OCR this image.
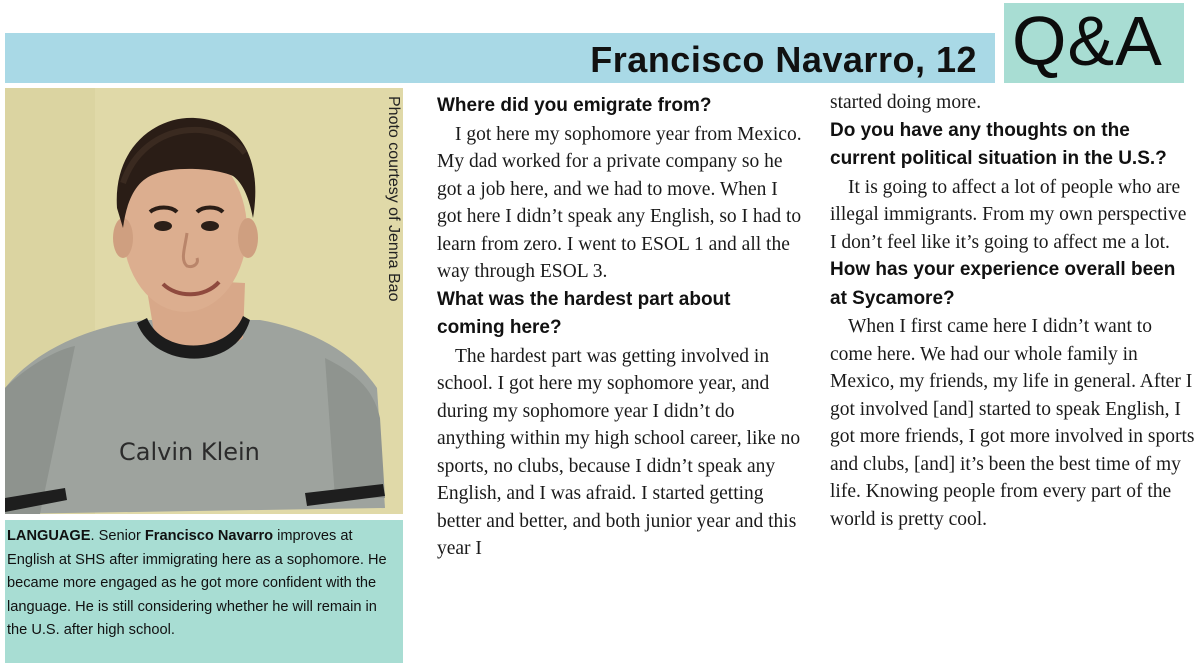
Francisco Navarro, 12 Q&A
Calvin Klein
Photo courtesy of Jenna Bao

LANGUAGE. Senior Francisco Navarro improves at English at SHS after immigrating here as a sophomore. He became more engaged as he got more confident with the language. He is still considering whether he will remain in the U.S. after high school.

Where did you emigrate from?

I got here my sophomore year from Mexico. My dad worked for a private company so he got a job here, and we had to move. When I got here I didn’t speak any English, so I had to learn from zero. I went to ESOL 1 and all the way through ESOL 3.

What was the hardest part about coming here?

The hardest part was getting involved in school. I got here my sophomore year, and during my sophomore year I didn’t do anything within my high school career, like no sports, no clubs, because I didn’t speak any English, and I was afraid. I started getting better and better, and both junior year and this year I

started doing more.

Do you have any thoughts on the current political situation in the U.S.?

It is going to affect a lot of people who are illegal immigrants. From my own perspective I don’t feel like it’s going to affect me a lot.

How has your experience overall been at Sycamore?

When I first came here I didn’t want to come here. We had our whole family in Mexico, my friends, my life in general. After I got involved [and] started to speak English, I got more friends, I got more involved in sports and clubs, [and] it’s been the best time of my life. Knowing people from every part of the world is pretty cool.
